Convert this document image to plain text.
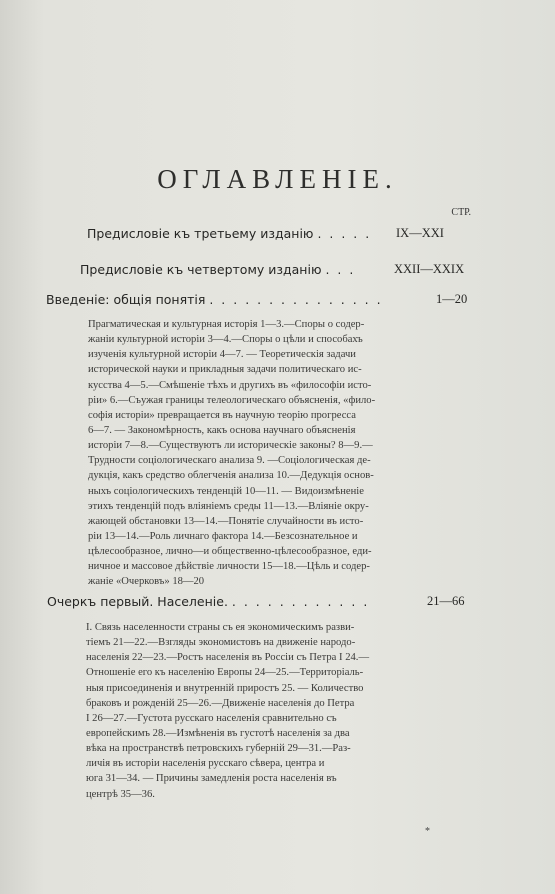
ОГЛАВЛЕНІЕ.
СТР.
Предисловіе къ третьему изданію . . . . . IX—XXI
Предисловіе къ четвертому изданію . . .	XXII—XXIX
Введеніе: общія понятія . . . . . . . . . . . . . . .	1—20
Прагматическая и культурная исторія 1—3.—Споры о содер-
жаніи культурной исторіи 3—4.—Споры о цѣли и способахъ
изученія культурной исторіи 4—7. — Теоретическія задачи
исторической науки и прикладныя задачи политическаго ис-
кусства 4—5.—Смѣшеніе тѣхъ и другихъ въ «философіи исто-
ріи» 6.—Съужая границы телеологическаго объясненія, «фило-
софія исторіи» превращается въ научную теорію прогресса
6—7. — Закономѣрность, какъ основа научнаго объясненія
исторіи 7—8.—Существуютъ ли историческіе законы? 8—9.—
Трудности соціологическаго анализа 9. —Соціологическая де-
дукція, какъ средство облегченія анализа 10.—Дедукція основ-
ныхъ соціологическихъ тенденцій 10—11. — Видоизмѣненіе
этихъ тенденцій подъ вліяніемъ среды 11—13.—Вліяніе окру-
жающей обстановки 13—14.—Понятіе случайности въ исто-
ріи 13—14.—Роль личнаго фактора 14.—Безсознательное и
цѣлесообразное, лично—и общественно-цѣлесообразное, еди-
ничное и массовое дѣйствіе личности 15—18.—Цѣль и содер-
жаніе «Очерковъ» 18—20
Очеркъ первый. Населеніе. . . . . . . . . . . . .	21—66
I. Связь населенности страны съ ея экономическимъ разви-
тіемъ 21—22.—Взгляды экономистовъ на движеніе народо-
населенія 22—23.—Ростъ населенія въ Россіи съ Петра I 24.—
Отношеніе его къ населенію Европы 24—25.—Территоріаль-
ныя присоединенія и внутренній приростъ 25. — Количество
браковъ и рожденій 25—26.—Движеніе населенія до Петра
I 26—27.—Густота русскаго населенія сравнительно съ
европейскимъ 28.—Измѣненія въ густотѣ населенія за два
вѣка на пространствѣ петровскихъ губерній 29—31.—Раз-
личія въ исторіи населенія русскаго сѣвера, центра и
юга 31—34. — Причины замедленія роста населенія въ
центрѣ 35—36.
*
